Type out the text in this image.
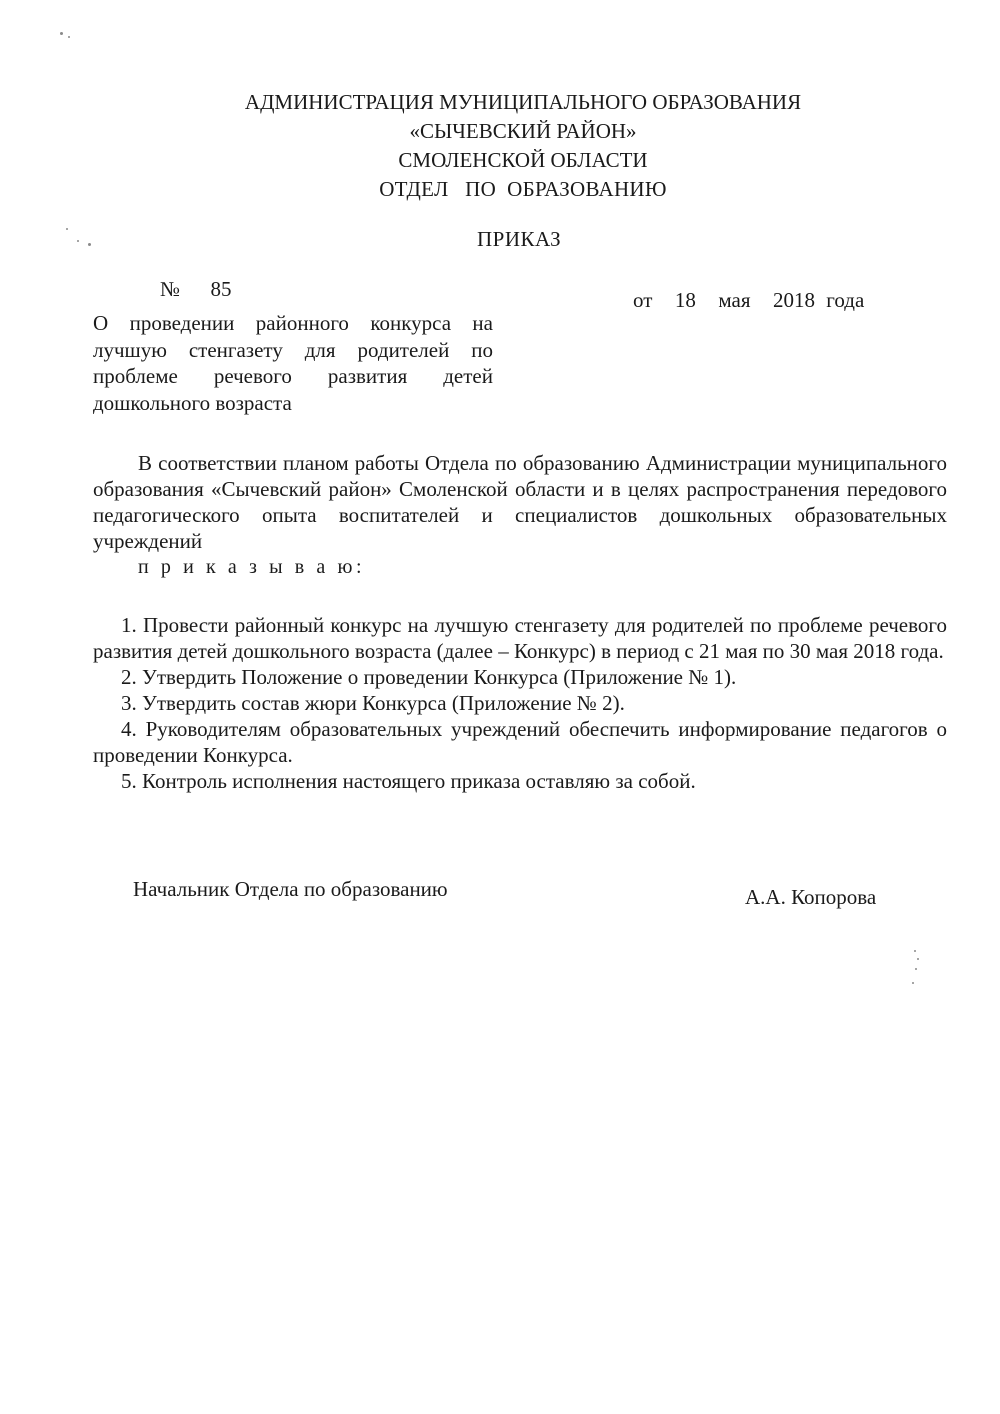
АДМИНИСТРАЦИЯ МУНИЦИПАЛЬНОГО ОБРАЗОВАНИЯ
«СЫЧЕВСКИЙ РАЙОН»
СМОЛЕНСКОЙ ОБЛАСТИ
ОТДЕЛ   ПО  ОБРАЗОВАНИЮ
ПРИКАЗ
№  85	от  18  мая  2018 года
О проведении районного конкурса на лучшую стенгазету для родителей по проблеме речевого развития детей дошкольного возраста
В соответствии планом работы Отдела по образованию Администрации муниципального образования «Сычевский район» Смоленской области и в целях распространения передового педагогического опыта воспитателей и специалистов дошкольных образовательных учреждений
п р и к а з ы в а ю:
1. Провести районный конкурс на лучшую стенгазету для родителей по проблеме речевого развития детей дошкольного возраста (далее – Конкурс) в период с 21 мая по 30 мая 2018 года.
2. Утвердить Положение о проведении Конкурса (Приложение № 1).
3. Утвердить состав жюри Конкурса (Приложение № 2).
4. Руководителям образовательных учреждений обеспечить информирование педагогов о проведении Конкурса.
5. Контроль исполнения настоящего приказа оставляю за собой.
Начальник Отдела по образованию	А.А. Копорова
